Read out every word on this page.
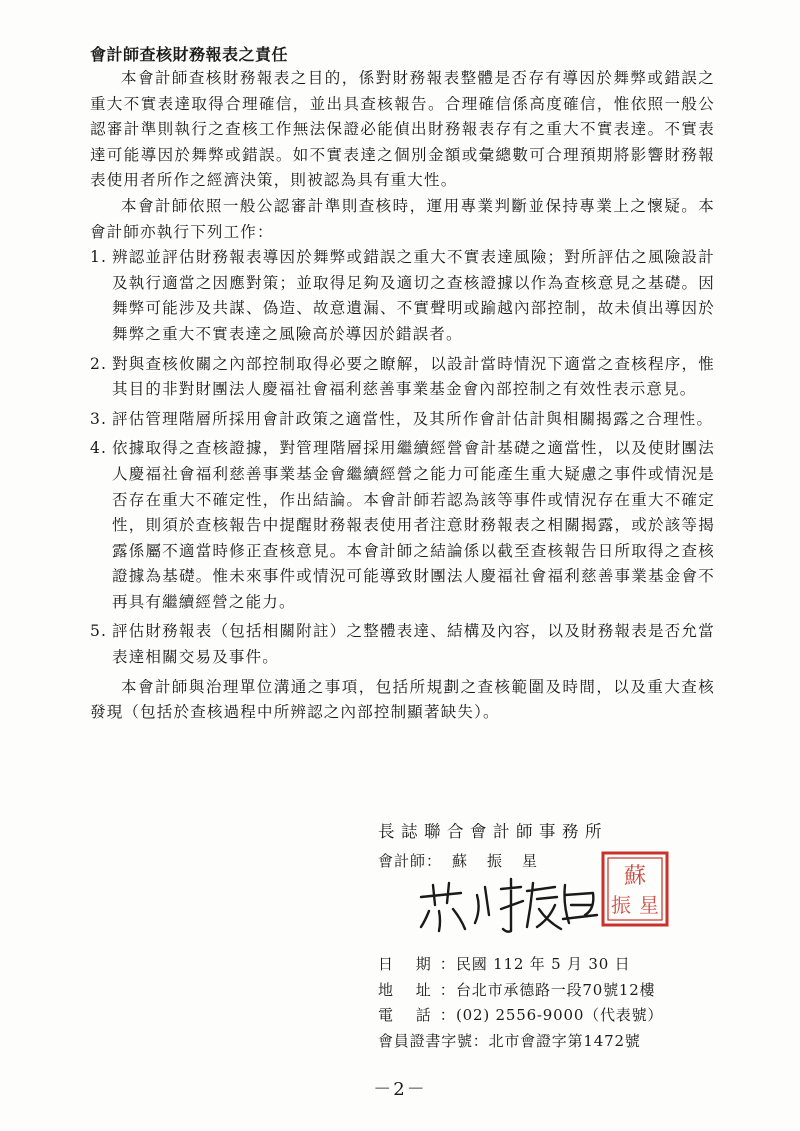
會計師查核財務報表之責任

本會計師查核財務報表之目的，係對財務報表整體是否存有導因於舞弊或錯誤之重大不實表達取得合理確信，並出具查核報告。合理確信係高度確信，惟依照一般公認審計準則執行之查核工作無法保證必能偵出財務報表存有之重大不實表達。不實表達可能導因於舞弊或錯誤。如不實表達之個別金額或彙總數可合理預期將影響財務報表使用者所作之經濟決策，則被認為具有重大性。

本會計師依照一般公認審計準則查核時，運用專業判斷並保持專業上之懷疑。本會計師亦執行下列工作：

1. 辨認並評估財務報表導因於舞弊或錯誤之重大不實表達風險；對所評估之風險設計及執行適當之因應對策；並取得足夠及適切之查核證據以作為查核意見之基礎。因舞弊可能涉及共謀、偽造、故意遺漏、不實聲明或踰越內部控制，故未偵出導因於舞弊之重大不實表達之風險高於導因於錯誤者。
2. 對與查核攸關之內部控制取得必要之瞭解，以設計當時情況下適當之查核程序，惟其目的非對財團法人慶福社會福利慈善事業基金會內部控制之有效性表示意見。
3. 評估管理階層所採用會計政策之適當性，及其所作會計估計與相關揭露之合理性。
4. 依據取得之查核證據，對管理階層採用繼續經營會計基礎之適當性，以及使財團法人慶福社會福利慈善事業基金會繼續經營之能力可能產生重大疑慮之事件或情況是否存在重大不確定性，作出結論。本會計師若認為該等事件或情況存在重大不確定性，則須於查核報告中提醒財務報表使用者注意財務報表之相關揭露，或於該等揭露係屬不適當時修正查核意見。本會計師之結論係以截至查核報告日所取得之查核證據為基礎。惟未來事件或情況可能導致財團法人慶福社會福利慈善事業基金會不再具有繼續經營之能力。
5. 評估財務報表（包括相關附註）之整體表達、結構及內容，以及財務報表是否允當表達相關交易及事件。

本會計師與治理單位溝通之事項，包括所規劃之查核範圍及時間，以及重大查核發現（包括於查核過程中所辨認之內部控制顯著缺失）。

長誌聯合會計師事務所
會計師： 蘇振星
蘇
振 星
日 期：民國 112 年 5 月 30 日
地 址：台北市承德路一段70號12樓
電 話：(02) 2556-9000（代表號）
會員證書字號：北市會證字第1472號
－2－
